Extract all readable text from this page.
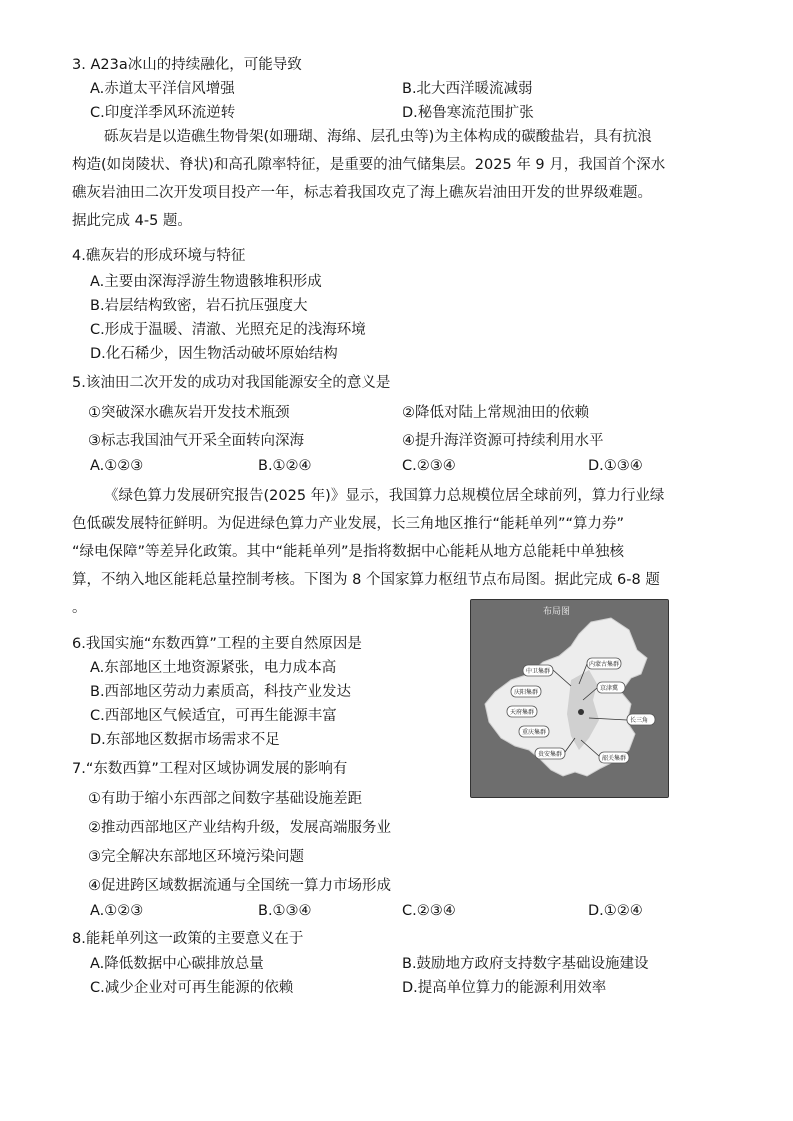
3. A23a冰山的持续融化，可能导致
A.赤道太平洋信风增强	B.北大西洋暖流减弱
C.印度洋季风环流逆转	D.秘鲁寒流范围扩张
砾灰岩是以造礁生物骨架(如珊瑚、海绵、层孔虫等)为主体构成的碳酸盐岩，具有抗浪
构造(如岗陵状、脊状)和高孔隙率特征，是重要的油气储集层。2025 年 9 月，我国首个深水
礁灰岩油田二次开发项目投产一年，标志着我国攻克了海上礁灰岩油田开发的世界级难题。
据此完成 4-5 题。
4.礁灰岩的形成环境与特征
A.主要由深海浮游生物遗骸堆积形成
B.岩层结构致密，岩石抗压强度大
C.形成于温暖、清澈、光照充足的浅海环境
D.化石稀少，因生物活动破坏原始结构
5.该油田二次开发的成功对我国能源安全的意义是
①突破深水礁灰岩开发技术瓶颈	②降低对陆上常规油田的依赖
③标志我国油气开采全面转向深海	④提升海洋资源可持续利用水平
A.①②③	B.①②④	C.②③④	D.①③④
《绿色算力发展研究报告(2025 年)》显示，我国算力总规模位居全球前列，算力行业绿
色低碳发展特征鲜明。为促进绿色算力产业发展，长三角地区推行“能耗单列”“算力券”
“绿电保障”等差异化政策。其中“能耗单列”是指将数据中心能耗从地方总能耗中单独核
算，不纳入地区能耗总量控制考核。下图为 8 个国家算力枢纽节点布局图。据此完成 6-8 题
。	布局图
中卫集群
内蒙古集群
庆阳集群
天府集群
京津冀
长三角
韶关集群
贵安集群
重庆集群
6.我国实施“东数西算”工程的主要自然原因是
A.东部地区土地资源紧张，电力成本高
B.西部地区劳动力素质高，科技产业发达
C.西部地区气候适宜，可再生能源丰富
D.东部地区数据市场需求不足
7.“东数西算”工程对区域协调发展的影响有
①有助于缩小东西部之间数字基础设施差距
②推动西部地区产业结构升级，发展高端服务业
③完全解决东部地区环境污染问题
④促进跨区域数据流通与全国统一算力市场形成
A.①②③	B.①③④	C.②③④	D.①②④
8.能耗单列这一政策的主要意义在于
A.降低数据中心碳排放总量	B.鼓励地方政府支持数字基础设施建设
C.减少企业对可再生能源的依赖	D.提高单位算力的能源利用效率
